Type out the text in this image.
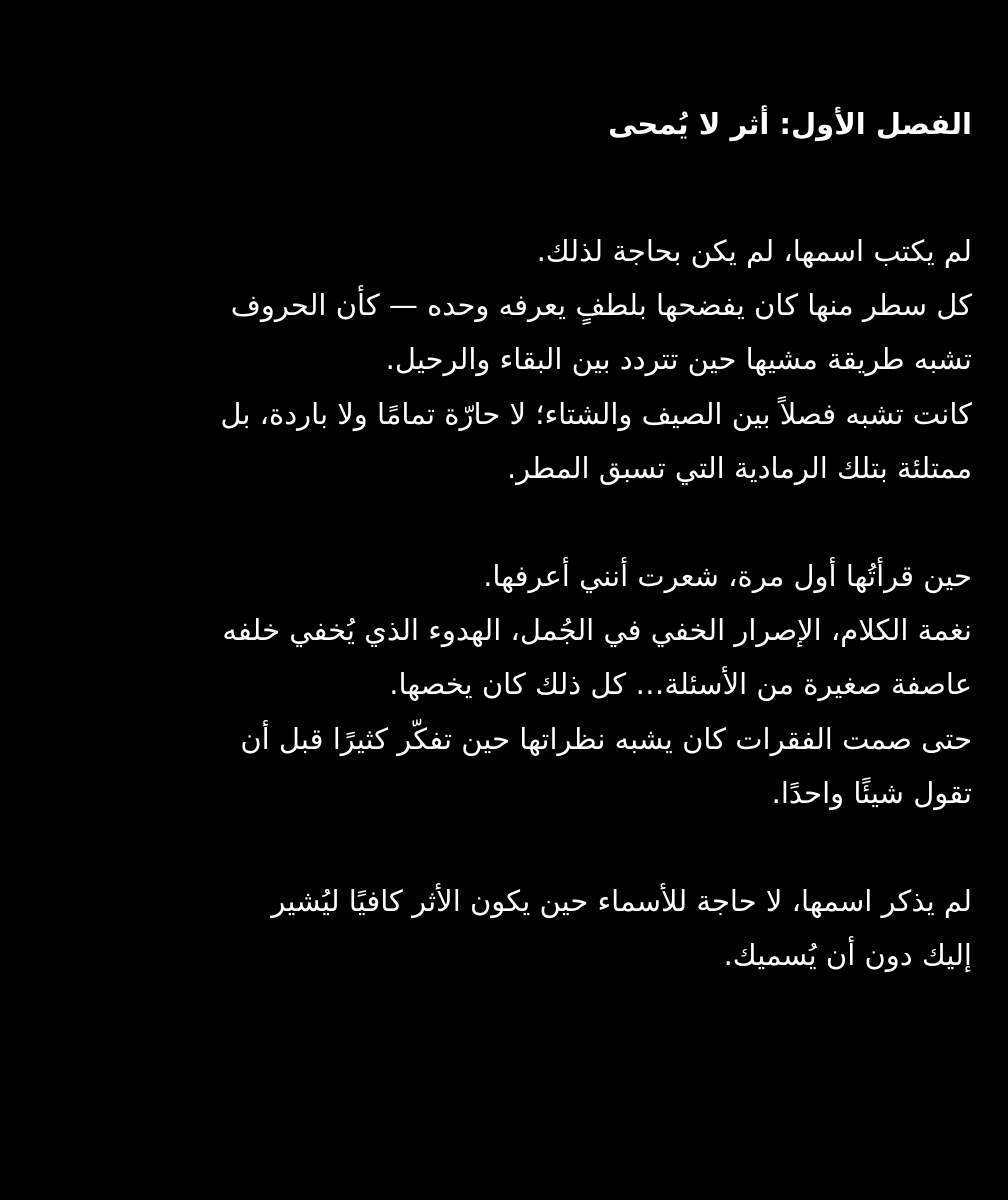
الفصل الأول: أثر لا يُمحى
لم يكتب اسمها، لم يكن بحاجة لذلك.
كل سطر منها كان يفضحها بلطفٍ يعرفه وحده — كأن الحروف
تشبه طريقة مشيها حين تتردد بين البقاء والرحيل.
كانت تشبه فصلاً بين الصيف والشتاء؛ لا حارّة تمامًا ولا باردة، بل
ممتلئة بتلك الرمادية التي تسبق المطر.
حين قرأتُها أول مرة، شعرت أنني أعرفها.
نغمة الكلام، الإصرار الخفي في الجُمل، الهدوء الذي يُخفي خلفه
عاصفة صغيرة من الأسئلة… كل ذلك كان يخصها.
حتى صمت الفقرات كان يشبه نظراتها حين تفكّر كثيرًا قبل أن
تقول شيئًا واحدًا.
لم يذكر اسمها، لا حاجة للأسماء حين يكون الأثر كافيًا ليُشير
إليك دون أن يُسميك.
